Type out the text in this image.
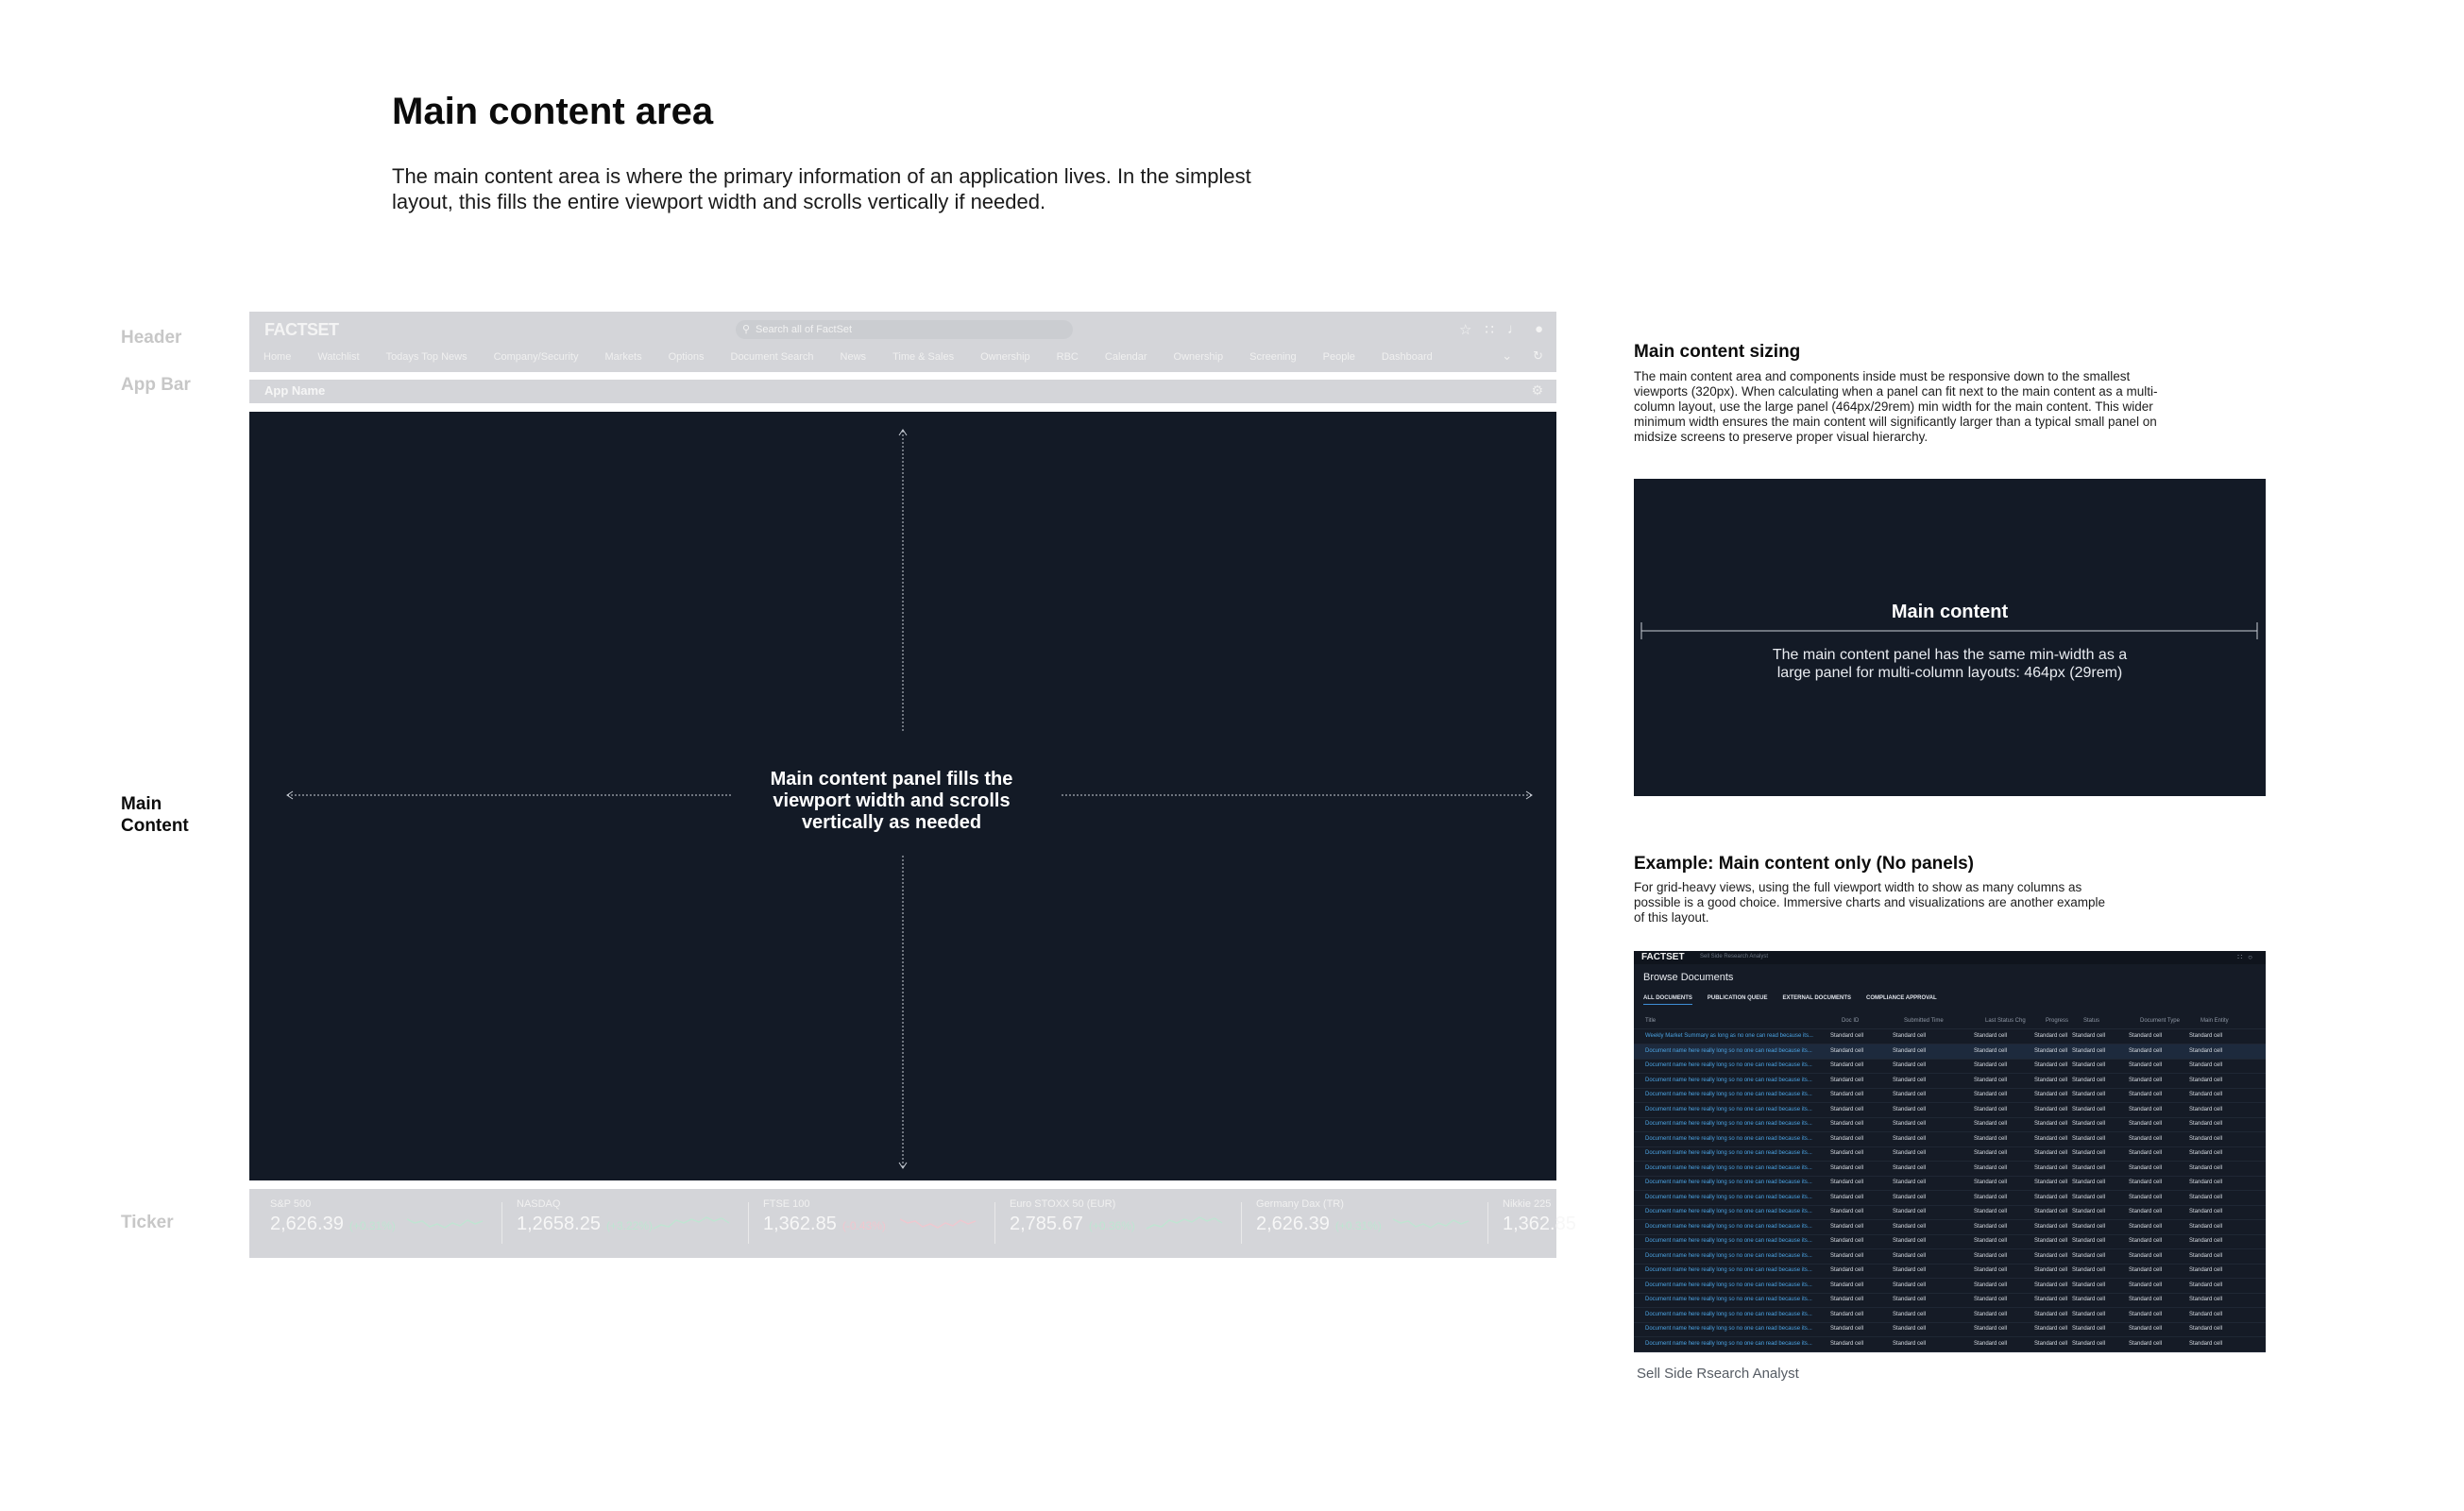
Main content area

The main content area is where the primary information of an application lives. In the simplest layout, this fills the entire viewport width and scrolls vertically if needed.

Header
App Bar
Main
Content
Ticker
FACTSET	⚲ Search all of FactSet	☆ ∷ ♩ ●
Home	Watchlist	Todays Top News	Company/Security	Markets	Options	Document Search	News	Time & Sales	Ownership	RBC	Calendar	Ownership	Screening	People	Dashboard	⌄ ↻
App Name	⚙
Main content panel fills the viewport width and scrolls vertically as needed
S&P 500
2,626.39 (+0.31%)
NASDAQ
1,2658.25 (+3.22%)
FTSE 100
1,362.85 (-0.43%)
Euro STOXX 50 (EUR)
2,785.67 (+0.36%)
Germany Dax (TR)
2,626.39 (+0.31%)
Nikkie 225
1,362.85
Main content sizing

The main content area and components inside must be responsive down to the smallest viewports (320px). When calculating when a panel can fit next to the main content as a multi-column layout, use the large panel (464px/29rem) min width for the main content. This wider minimum width ensures the main content will significantly larger than a typical small panel on midsize screens to preserve proper visual hierarchy.

Main content
The main content panel has the same min-width as a large panel for multi-column layouts: 464px (29rem)
Example: Main content only (No panels)

For grid-heavy views, using the full viewport width to show as many columns as possible is a good choice. Immersive charts and visualizations are another example of this layout.

FACTSET	Sell Side Research Analyst	∷○
Browse Documents
ALL DOCUMENTS	PUBLICATION QUEUE	EXTERNAL DOCUMENTS	COMPLIANCE APPROVAL
Title	Doc ID	Submitted Time	Last Status Chg	Progress	Status	Document Type	Main Entity
Weekly Market Summary as long as no one can read because its...	Standard cell	Standard cell	Standard cell	Standard cell Standard cell	Standard cell	Standard cell
Document name here really long so no one can read because its...	Standard cell	Standard cell	Standard cell	Standard cell Standard cell	Standard cell	Standard cell
Document name here really long so no one can read because its...	Standard cell	Standard cell	Standard cell	Standard cell Standard cell	Standard cell	Standard cell
Document name here really long so no one can read because its...	Standard cell	Standard cell	Standard cell	Standard cell Standard cell	Standard cell	Standard cell
Document name here really long so no one can read because its...	Standard cell	Standard cell	Standard cell	Standard cell Standard cell	Standard cell	Standard cell
Document name here really long so no one can read because its...	Standard cell	Standard cell	Standard cell	Standard cell Standard cell	Standard cell	Standard cell
Document name here really long so no one can read because its...	Standard cell	Standard cell	Standard cell	Standard cell Standard cell	Standard cell	Standard cell
Document name here really long so no one can read because its...	Standard cell	Standard cell	Standard cell	Standard cell Standard cell	Standard cell	Standard cell
Document name here really long so no one can read because its...	Standard cell	Standard cell	Standard cell	Standard cell Standard cell	Standard cell	Standard cell
Document name here really long so no one can read because its...	Standard cell	Standard cell	Standard cell	Standard cell Standard cell	Standard cell	Standard cell
Document name here really long so no one can read because its...	Standard cell	Standard cell	Standard cell	Standard cell Standard cell	Standard cell	Standard cell
Document name here really long so no one can read because its...	Standard cell	Standard cell	Standard cell	Standard cell Standard cell	Standard cell	Standard cell
Document name here really long so no one can read because its...	Standard cell	Standard cell	Standard cell	Standard cell Standard cell	Standard cell	Standard cell
Document name here really long so no one can read because its...	Standard cell	Standard cell	Standard cell	Standard cell Standard cell	Standard cell	Standard cell
Document name here really long so no one can read because its...	Standard cell	Standard cell	Standard cell	Standard cell Standard cell	Standard cell	Standard cell
Document name here really long so no one can read because its...	Standard cell	Standard cell	Standard cell	Standard cell Standard cell	Standard cell	Standard cell
Document name here really long so no one can read because its...	Standard cell	Standard cell	Standard cell	Standard cell Standard cell	Standard cell	Standard cell
Document name here really long so no one can read because its...	Standard cell	Standard cell	Standard cell	Standard cell Standard cell	Standard cell	Standard cell
Document name here really long so no one can read because its...	Standard cell	Standard cell	Standard cell	Standard cell Standard cell	Standard cell	Standard cell
Document name here really long so no one can read because its...	Standard cell	Standard cell	Standard cell	Standard cell Standard cell	Standard cell	Standard cell
Document name here really long so no one can read because its...	Standard cell	Standard cell	Standard cell	Standard cell Standard cell	Standard cell	Standard cell
Document name here really long so no one can read because its...	Standard cell	Standard cell	Standard cell	Standard cell Standard cell	Standard cell	Standard cell
Sell Side Rsearch Analyst
